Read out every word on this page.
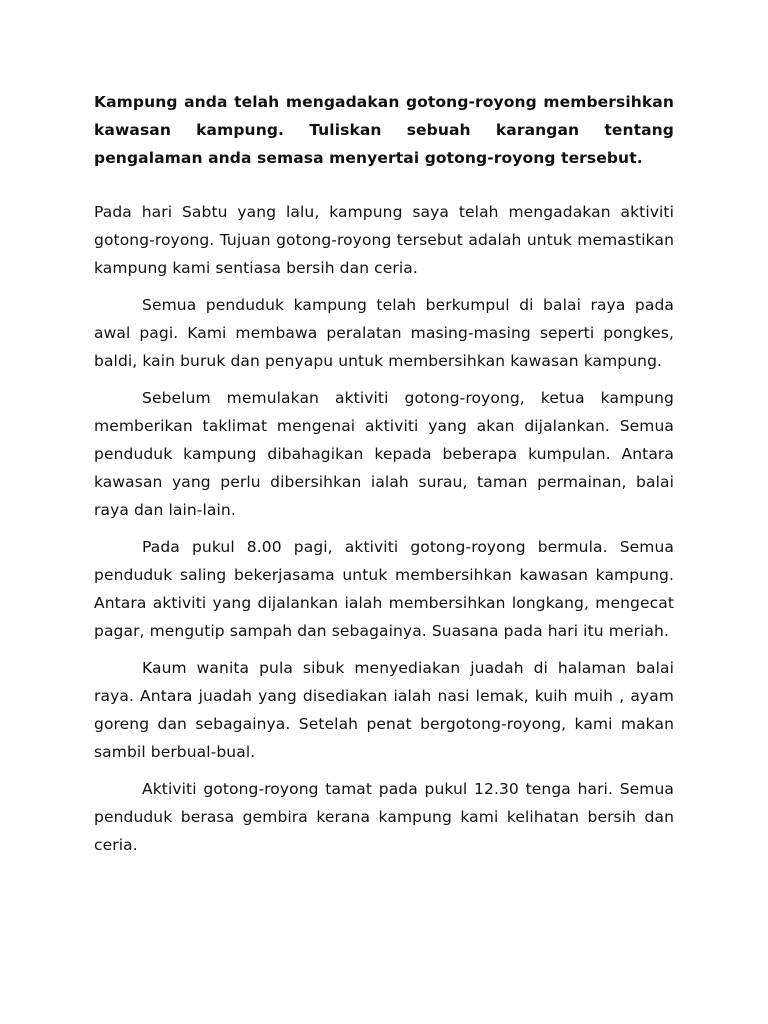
Kampung anda telah mengadakan gotong-royong membersihkan kawasan kampung. Tuliskan sebuah karangan tentang pengalaman anda semasa menyertai gotong-royong tersebut.

Pada hari Sabtu yang lalu, kampung saya telah mengadakan aktiviti gotong-royong. Tujuan gotong-royong tersebut adalah untuk memastikan kampung kami sentiasa bersih dan ceria.

Semua penduduk kampung telah berkumpul di balai raya pada awal pagi. Kami membawa peralatan masing-masing seperti pongkes, baldi, kain buruk dan penyapu untuk membersihkan kawasan kampung.

Sebelum memulakan aktiviti gotong-royong, ketua kampung memberikan taklimat mengenai aktiviti yang akan dijalankan. Semua penduduk kampung dibahagikan kepada beberapa kumpulan. Antara kawasan yang perlu dibersihkan ialah surau, taman permainan, balai raya dan lain-lain.

Pada pukul 8.00 pagi, aktiviti gotong-royong bermula. Semua penduduk saling bekerjasama untuk membersihkan kawasan kampung. Antara aktiviti yang dijalankan ialah membersihkan longkang, mengecat pagar, mengutip sampah dan sebagainya. Suasana pada hari itu meriah.

Kaum wanita pula sibuk menyediakan juadah di halaman balai raya. Antara juadah yang disediakan ialah nasi lemak, kuih muih , ayam goreng dan sebagainya. Setelah penat bergotong-royong, kami makan sambil berbual-bual.

Aktiviti gotong-royong tamat pada pukul 12.30 tenga hari. Semua penduduk berasa gembira kerana kampung kami kelihatan bersih dan ceria.
